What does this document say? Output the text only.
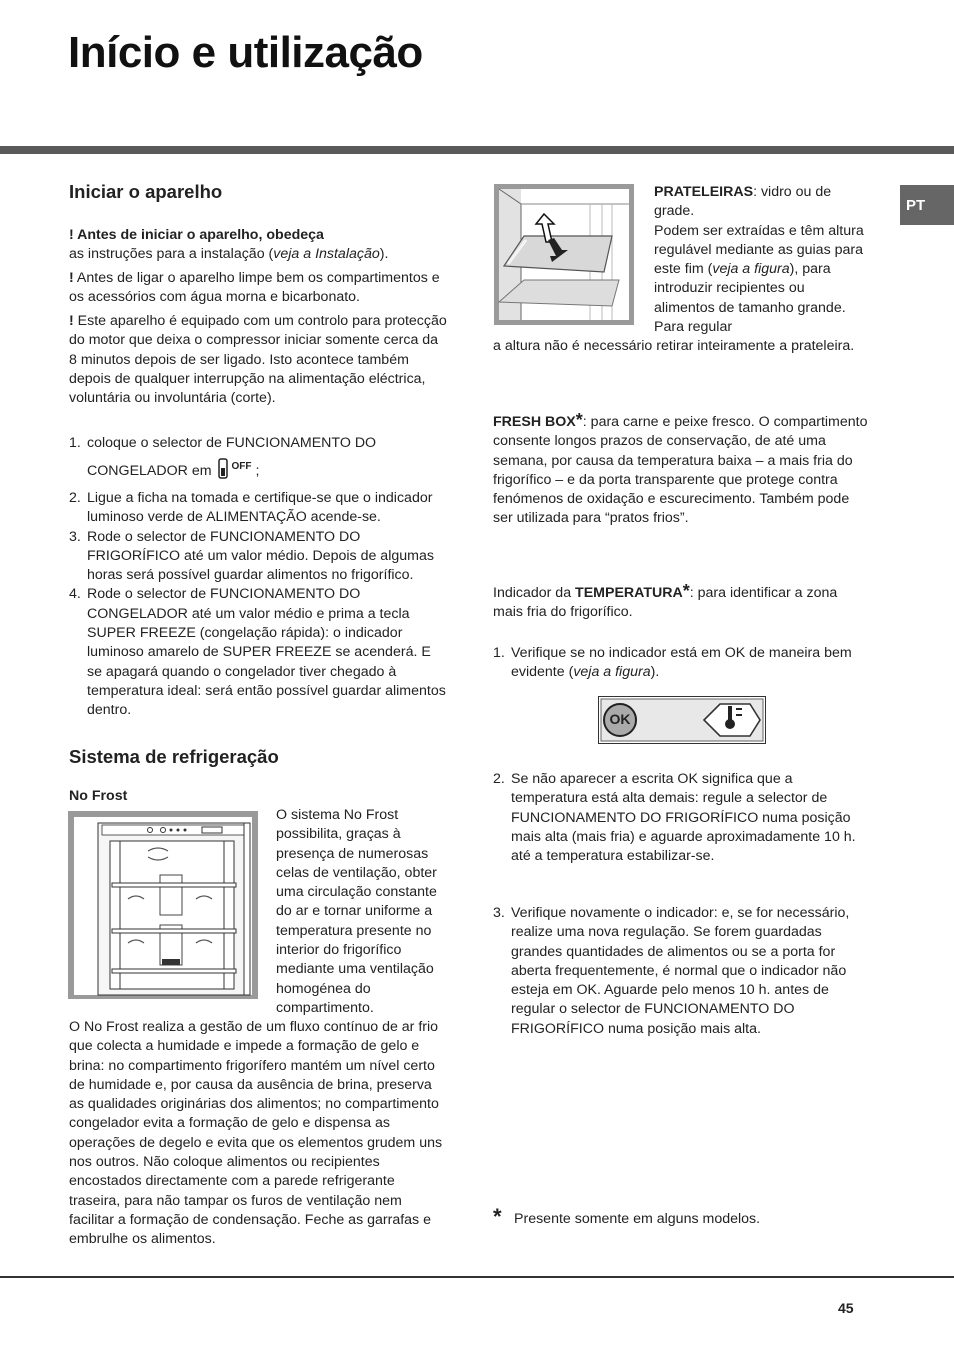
Início e utilização
PT
Iniciar o aparelho

! Antes de iniciar o aparelho, obedeça

as instruções para a instalação (veja a Instalação).

! Antes de ligar o aparelho limpe bem os compartimentos e os acessórios com água morna e bicarbonato.

! Este aparelho é equipado com um controlo para protecção do motor que deixa o compressor iniciar somente cerca da 8 minutos depois de ser ligado. Isto acontece também depois de qualquer interrupção na alimentação eléctrica, voluntária ou involuntária (corte).

1. coloque o selector de FUNCIONAMENTO DO CONGELADOR em $^{OFF}$ ;
2. Ligue a ficha na tomada e certifique-se que o indicador luminoso verde de ALIMENTAÇÃO acende-se.
3. Rode o selector de FUNCIONAMENTO DO FRIGORÍFICO até um valor médio. Depois de algumas horas será possível guardar alimentos no frigorífico.
4. Rode o selector de FUNCIONAMENTO DO CONGELADOR até um valor médio e prima a tecla SUPER FREEZE (congelação rápida): o indicador luminoso amarelo de SUPER FREEZE se acenderá. E se apagará quando o congelador tiver chegado à temperatura ideal: será então possível guardar alimentos dentro.
Sistema de refrigeração
No Frost

O sistema No Frost possibilita, graças à presença de numerosas celas de ventilação, obter uma circulação constante do ar e tornar uniforme a temperatura presente no interior do frigorífico mediante uma ventilação homogénea do compartimento.

O No Frost realiza a gestão de um fluxo contínuo de ar frio que colecta a humidade e impede a formação de gelo e brina: no compartimento frigorífero mantém um nível certo de humidade e, por causa da ausência de brina, preserva as qualidades originárias dos alimentos; no compartimento congelador evita a formação de gelo e dispensa as operações de degelo e evita que os elementos grudem uns nos outros. Não coloque alimentos ou recipientes encostados directamente com a parede refrigerante traseira, para não tampar os furos de ventilação nem facilitar a formação de condensação. Feche as garrafas e embrulhe os alimentos.

PRATELEIRAS: vidro ou de grade.

Podem ser extraídas e têm altura regulável mediante as guias para este fim (veja a figura), para introduzir recipientes ou alimentos de tamanho grande. Para regular

a altura não é necessário retirar inteiramente a prateleira.

FRESH BOX*: para carne e peixe fresco. O compartimento consente longos prazos de conservação, de até uma semana, por causa da temperatura baixa – a mais fria do frigorífico – e da porta transparente que protege contra fenómenos de oxidação e escurecimento. Também pode ser utilizada para “pratos frios”.

Indicador da TEMPERATURA*: para identificar a zona mais fria do frigorífico.

1. Verifique se no indicador está em OK de maneira bem evidente (veja a figura).
OK
2. Se não aparecer a escrita OK significa que a temperatura está alta demais: regule a selector de FUNCIONAMENTO DO FRIGORÍFICO numa posição mais alta (mais fria) e aguarde aproximadamente 10 h. até a temperatura estabilizar-se.
3. Verifique novamente o indicador: e, se for necessário, realize uma nova regulação. Se forem guardadas grandes quantidades de alimentos ou se a porta for aberta frequentemente, é normal que o indicador não esteja em OK. Aguarde pelo menos 10 h. antes de regular o selector de FUNCIONAMENTO DO FRIGORÍFICO numa posição mais alta.
* Presente somente em alguns modelos.
45
